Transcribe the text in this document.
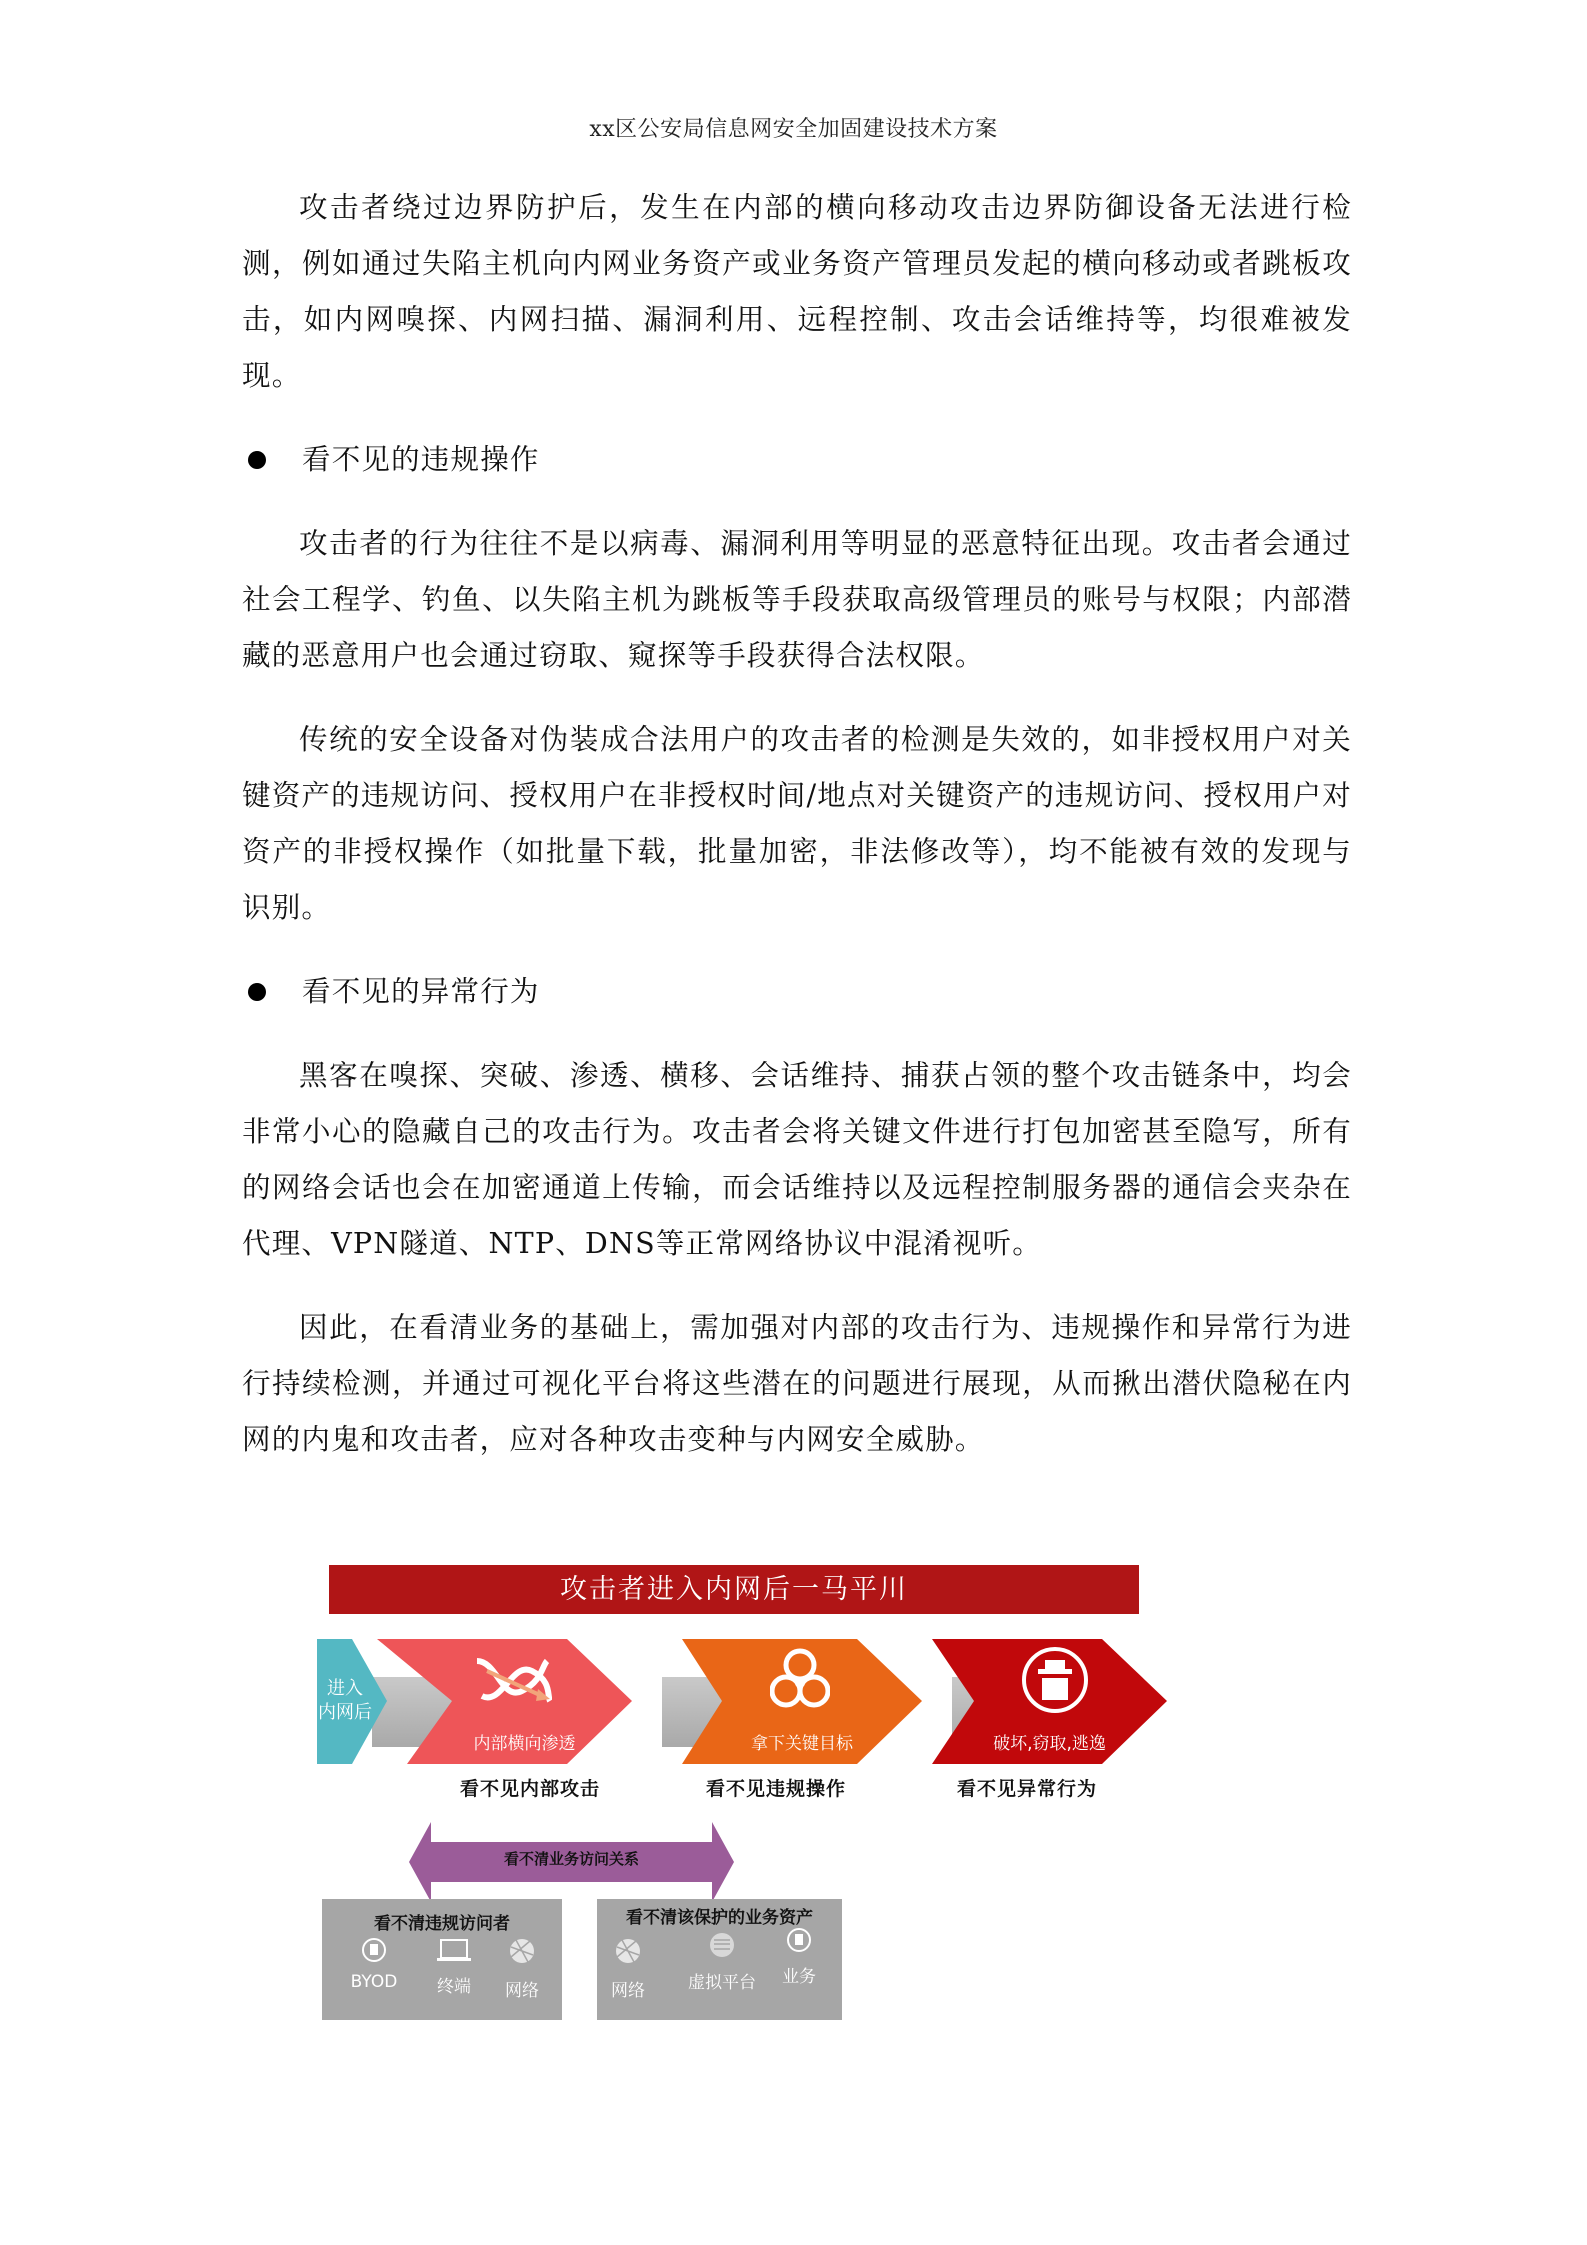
xx区公安局信息网安全加固建设技术方案

攻击者绕过边界防护后，发生在内部的横向移动攻击边界防御设备无法进行检测，例如通过失陷主机向内网业务资产或业务资产管理员发起的横向移动或者跳板攻击，如内网嗅探、内网扫描、漏洞利用、远程控制、攻击会话维持等，均很难被发现。

看不见的违规操作

攻击者的行为往往不是以病毒、漏洞利用等明显的恶意特征出现。攻击者会通过社会工程学、钓鱼、以失陷主机为跳板等手段获取高级管理员的账号与权限；内部潜藏的恶意用户也会通过窃取、窥探等手段获得合法权限。

传统的安全设备对伪装成合法用户的攻击者的检测是失效的，如非授权用户对关键资产的违规访问、授权用户在非授权时间/地点对关键资产的违规访问、授权用户对资产的非授权操作（如批量下载，批量加密，非法修改等），均不能被有效的发现与识别。

看不见的异常行为

黑客在嗅探、突破、渗透、横移、会话维持、捕获占领的整个攻击链条中，均会非常小心的隐藏自己的攻击行为。攻击者会将关键文件进行打包加密甚至隐写，所有的网络会话也会在加密通道上传输，而会话维持以及远程控制服务器的通信会夹杂在代理、VPN隧道、NTP、DNS等正常网络协议中混淆视听。

因此，在看清业务的基础上，需加强对内部的攻击行为、违规操作和异常行为进行持续检测，并通过可视化平台将这些潜在的问题进行展现，从而揪出潜伏隐秘在内网的内鬼和攻击者，应对各种攻击变种与内网安全威胁。

攻击者进入内网后一马平川
进入
内网后
内部横向渗透	拿下关键目标	破坏,窃取,逃逸
看不见内部攻击	看不见违规操作	看不见异常行为
看不清业务访问关系
看不清违规访问者
BYOD	终端	网络
看不清该保护的业务资产
网络	虚拟平台	业务
